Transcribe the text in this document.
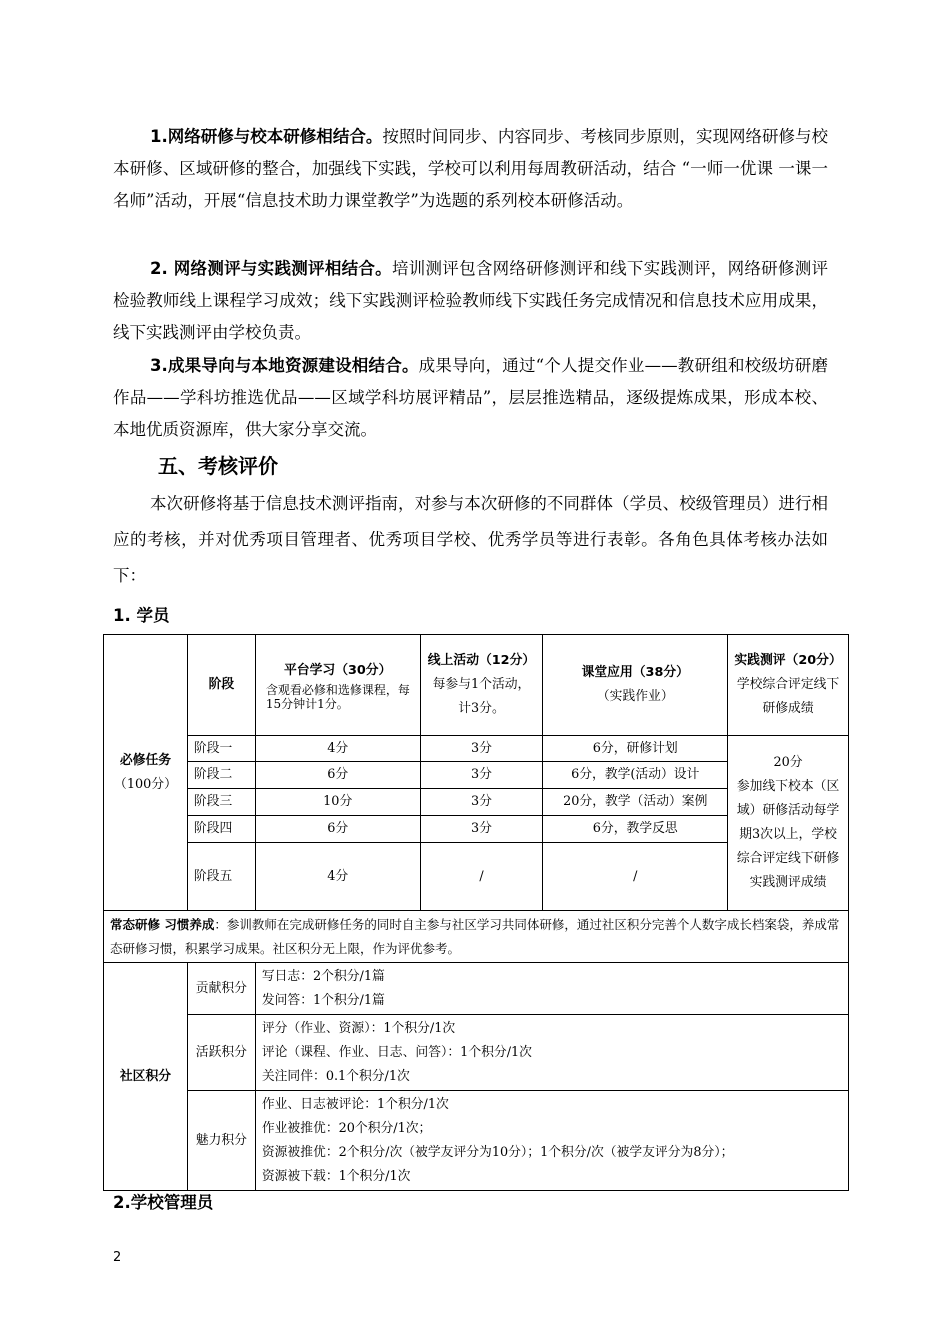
1.网络研修与校本研修相结合。按照时间同步、内容同步、考核同步原则，实现网络研修与校本研修、区域研修的整合，加强线下实践，学校可以利用每周教研活动，结合 “一师一优课 一课一名师”活动，开展“信息技术助力课堂教学”为选题的系列校本研修活动。

2. 网络测评与实践测评相结合。培训测评包含网络研修测评和线下实践测评，网络研修测评检验教师线上课程学习成效；线下实践测评检验教师线下实践任务完成情况和信息技术应用成果，线下实践测评由学校负责。

3.成果导向与本地资源建设相结合。成果导向，通过“个人提交作业——教研组和校级坊研磨作品——学科坊推选优品——区域学科坊展评精品”，层层推选精品，逐级提炼成果，形成本校、本地优质资源库，供大家分享交流。

五、考核评价

本次研修将基于信息技术测评指南，对参与本次研修的不同群体（学员、校级管理员）进行相应的考核，并对优秀项目管理者、优秀项目学校、优秀学员等进行表彰。各角色具体考核办法如下：

1. 学员
必修任务
（100分）	阶段	平台学习（30分）
含观看必修和选修课程，每15分钟计1分。	线上活动（12分）
每参与1个活动，计3分。	课堂应用（38分）
（实践作业）	实践测评（20分）
学校综合评定线下研修成绩

	阶段一	4分	3分	6分，研修计划	20分
参加线下校本（区域）研修活动每学期3次以上，学校综合评定线下研修实践测评成绩

	阶段二	6分	3分	6分，教学(活动）设计	
	阶段三	10分	3分	20分，教学（活动）案例	
	阶段四	6分	3分	6分，教学反思	
	阶段五	4分	/	/	
常态研修 习惯养成：参训教师在完成研修任务的同时自主参与社区学习共同体研修，通过社区积分完善个人数字成长档案袋，养成常态研修习惯，积累学习成果。社区积分无上限，作为评优参考。					
社区积分	贡献积分	写日志：2个积分/1篇
发问答：1个积分/1篇			

	活跃积分	评分（作业、资源）：1个积分/1次
评论（课程、作业、日志、问答）：1个积分/1次
关注同伴：0.1个积分/1次			

	魅力积分	作业、日志被评论：1个积分/1次
作业被推优：20个积分/1次；
资源被推优：2个积分/次（被学友评分为10分）；1个积分/次（被学友评分为8分）；
资源被下载：1个积分/1次			
2.学校管理员
2
